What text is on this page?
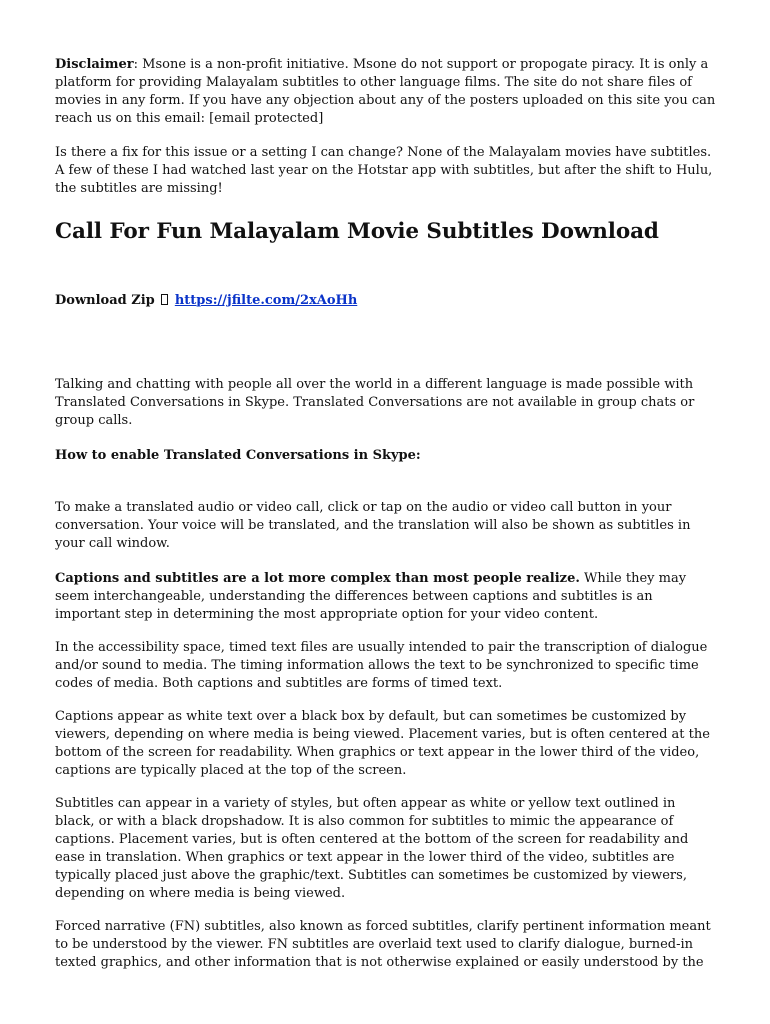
Disclaimer: Msone is a non-profit initiative. Msone do not support or propogate piracy. It is only a platform for providing Malayalam subtitles to other language films. The site do not share files of movies in any form. If you have any objection about any of the posters uploaded on this site you can reach us on this email: [email protected]

Is there a fix for this issue or a setting I can change? None of the Malayalam movies have subtitles. A few of these I had watched last year on the Hotstar app with subtitles, but after the shift to Hulu, the subtitles are missing!

Call For Fun Malayalam Movie Subtitles Download

Download Zip https://jfilte.com/2xAoHh

Talking and chatting with people all over the world in a different language is made possible with Translated Conversations in Skype. Translated Conversations are not available in group chats or group calls.

How to enable Translated Conversations in Skype:

To make a translated audio or video call, click or tap on the audio or video call button in your conversation. Your voice will be translated, and the translation will also be shown as subtitles in your call window.

Captions and subtitles are a lot more complex than most people realize. While they may seem interchangeable, understanding the differences between captions and subtitles is an important step in determining the most appropriate option for your video content.

In the accessibility space, timed text files are usually intended to pair the transcription of dialogue and/or sound to media. The timing information allows the text to be synchronized to specific time codes of media. Both captions and subtitles are forms of timed text.

Captions appear as white text over a black box by default, but can sometimes be customized by viewers, depending on where media is being viewed. Placement varies, but is often centered at the bottom of the screen for readability. When graphics or text appear in the lower third of the video, captions are typically placed at the top of the screen.

Subtitles can appear in a variety of styles, but often appear as white or yellow text outlined in black, or with a black dropshadow. It is also common for subtitles to mimic the appearance of captions. Placement varies, but is often centered at the bottom of the screen for readability and ease in translation. When graphics or text appear in the lower third of the video, subtitles are typically placed just above the graphic/text. Subtitles can sometimes be customized by viewers, depending on where media is being viewed.

Forced narrative (FN) subtitles, also known as forced subtitles, clarify pertinent information meant to be understood by the viewer. FN subtitles are overlaid text used to clarify dialogue, burned-in texted graphics, and other information that is not otherwise explained or easily understood by the
